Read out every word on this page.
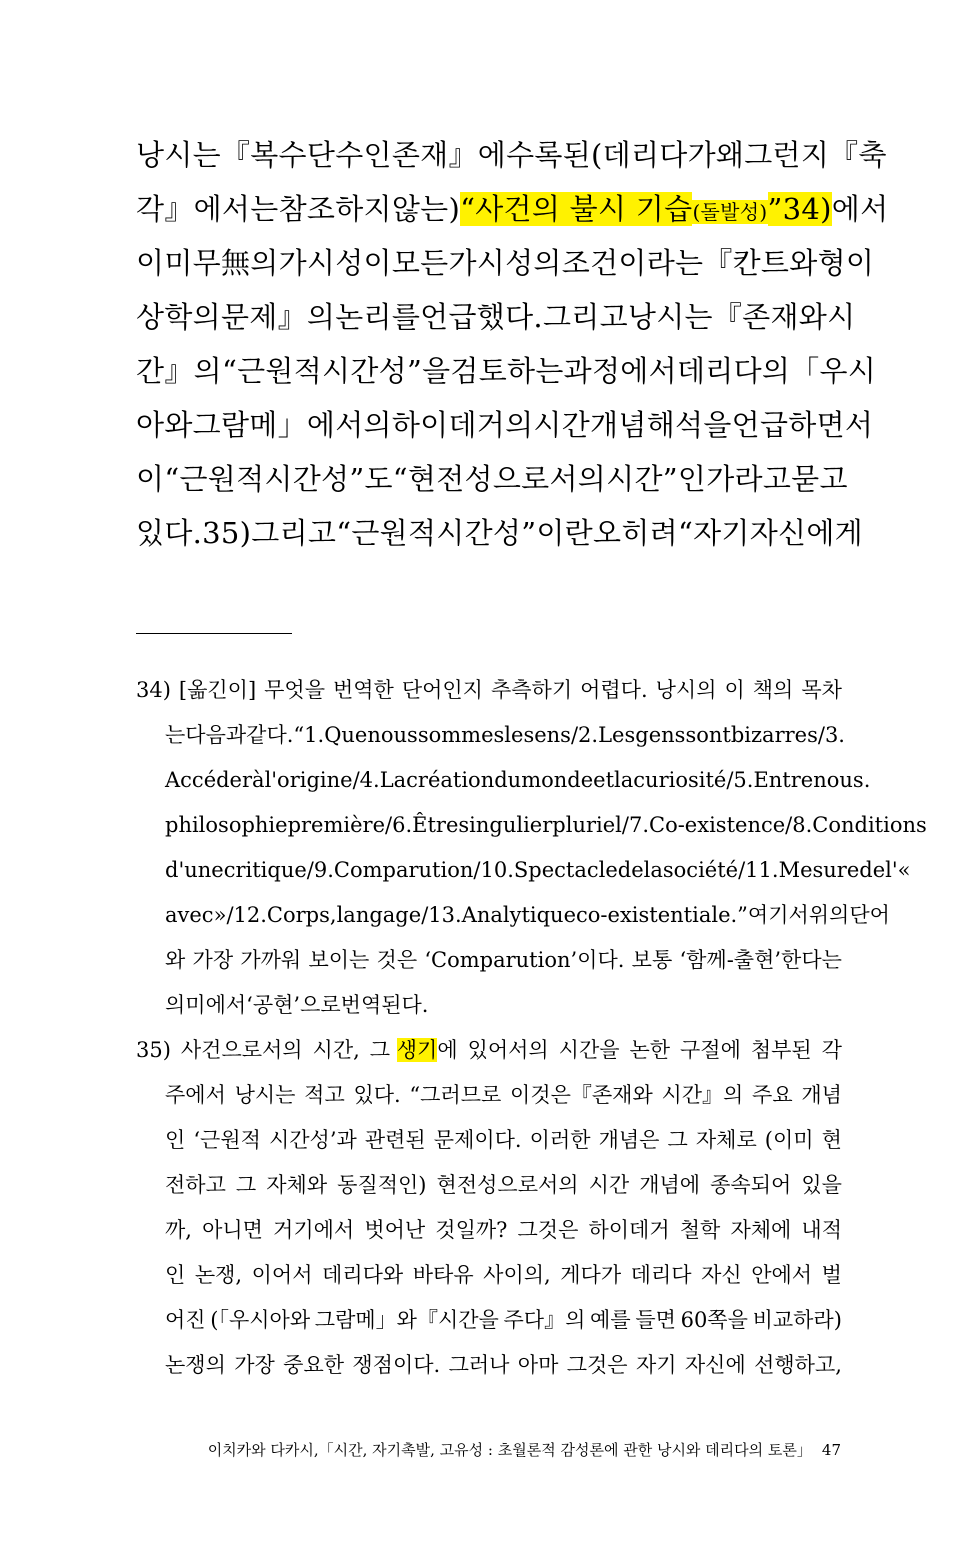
낭시는『복수 단수인 존재』에 수록된 (데리다가 왜 그런지『축
각』에서는 참조하지 않는) “사건의 불시 기습(돌발성)”34)에서
이미 무無의 가시성이 모든 가시성의 조건이라는『칸트와 형이
상학의 문제』의 논리를 언급했다. 그리고 낭시는『존재와 시
간』의 “근원적 시간성”을 검토하는 과정에서 데리다의「우시
아와 그람메」에서의 하이데거의 시간 개념 해석을 언급하면서
이 “근원적 시간성”도 “현전성으로서의 시간”인가라고 묻고
있다.35) 그리고 “근원적 시간성”이란 오히려 “자기 자신에게
34) [옮긴이] 무엇을 번역한 단어인지 추측하기 어렵다. 낭시의 이 책의 목차
는 다음과 같다. “1. Que nous sommes le sens / 2. Les gens sont bizarres / 3.
Accéder à l'origine / 4. La création du monde et la curiosité / 5. Entre nous.
philosophie première / 6. Être singulier pluriel / 7. Co-existence / 8. Conditions
d'une critique / 9. Comparution / 10. Spectacle de la société / 11. Mesure de l'«
avec » / 12. Corps, langage / 13. Analytique co-existentiale.” 여기서 위의 단어
와 가장 가까워 보이는 것은 ‘Comparution’이다. 보통 ‘함께-출현’한다는
의미에서 ‘공현’으로 번역된다.
35) 사건으로서의 시간, 그 생기에 있어서의 시간을 논한 구절에 첨부된 각
주에서 낭시는 적고 있다. “그러므로 이것은『존재와 시간』의 주요 개념
인 ‘근원적 시간성’과 관련된 문제이다. 이러한 개념은 그 자체로 (이미 현
전하고 그 자체와 동질적인) 현전성으로서의 시간 개념에 종속되어 있을
까, 아니면 거기에서 벗어난 것일까? 그것은 하이데거 철학 자체에 내적
인 논쟁, 이어서 데리다와 바타유 사이의, 게다가 데리다 자신 안에서 벌
어진 (「우시아와 그람메」와『시간을 주다』의 예를 들면 60쪽을 비교하라)
논쟁의 가장 중요한 쟁점이다. 그러나 아마 그것은 자기 자신에 선행하고,
이치카와 다카시,「시간, 자기촉발, 고유성 : 초월론적 감성론에 관한 낭시와 데리다의 토론」 47
